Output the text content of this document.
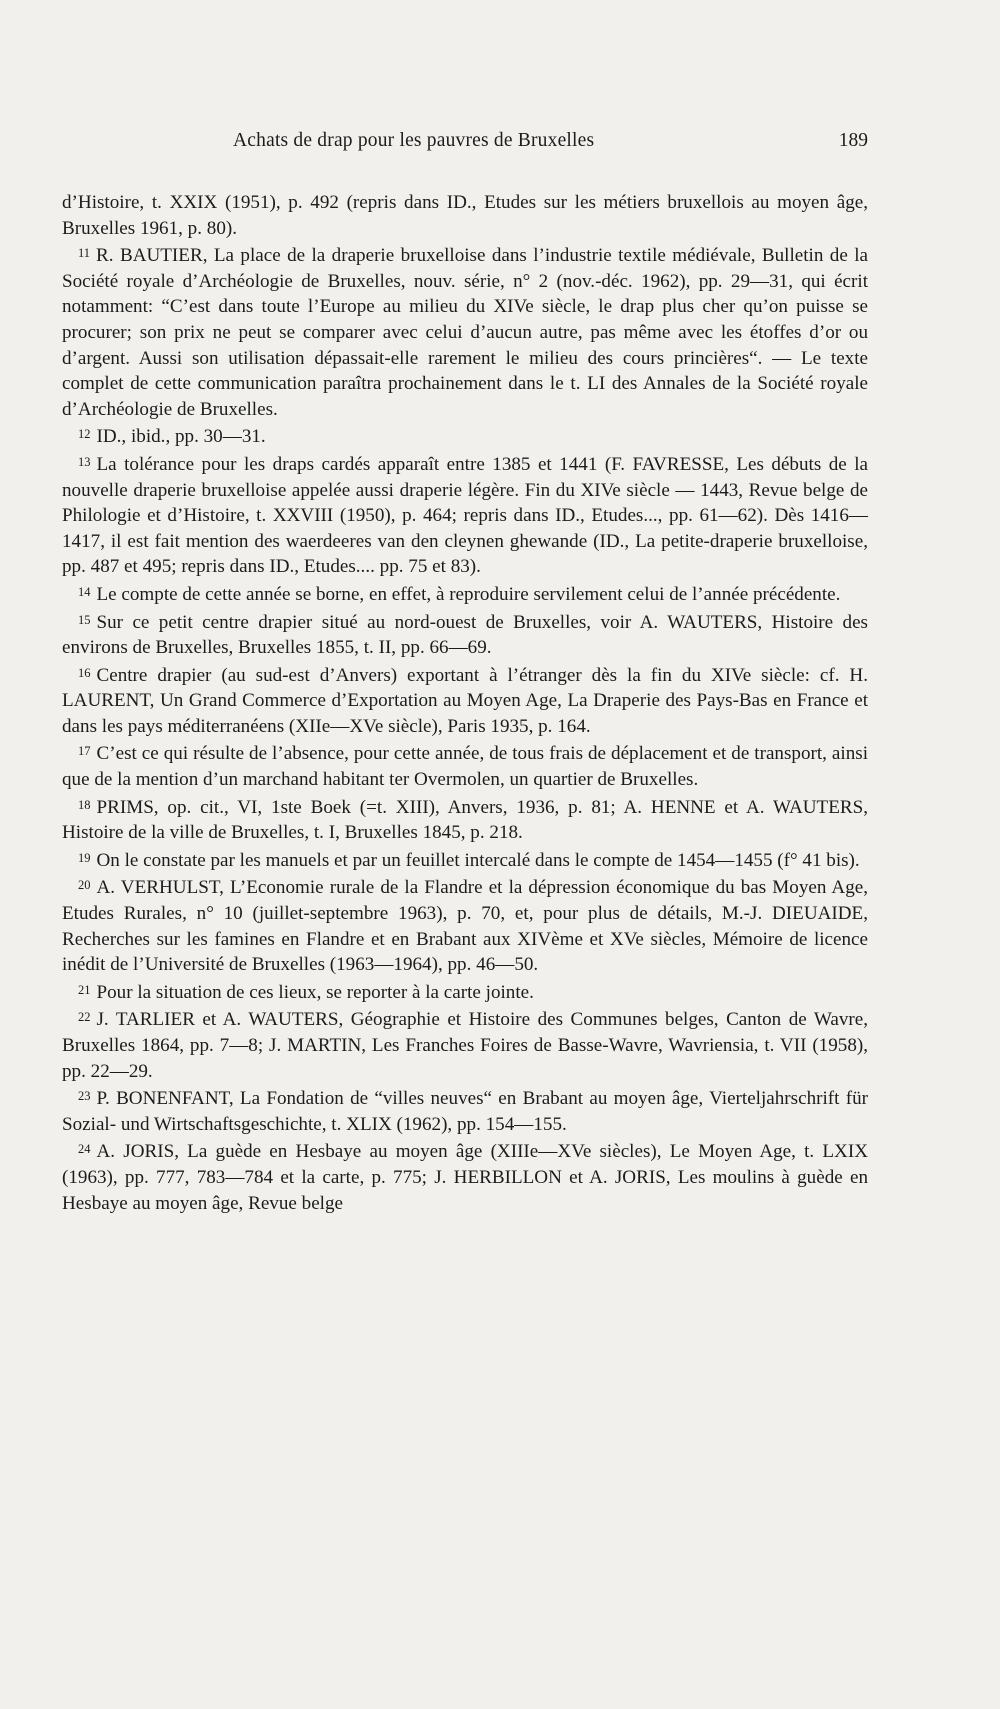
Achats de drap pour les pauvres de Bruxelles	189

d’Histoire, t. XXIX (1951), p. 492 (repris dans ID., Etudes sur les métiers bruxellois au moyen âge, Bruxelles 1961, p. 80).

$^{11}$ R. BAUTIER, La place de la draperie bruxelloise dans l’industrie textile médiévale, Bulletin de la Société royale d’Archéologie de Bruxelles, nouv. série, n° 2 (nov.-déc. 1962), pp. 29—31, qui écrit notamment: “C’est dans toute l’Europe au milieu du XIVe siècle, le drap plus cher qu’on puisse se procurer; son prix ne peut se comparer avec celui d’aucun autre, pas même avec les étoffes d’or ou d’argent. Aussi son utilisation dépassait-elle rarement le milieu des cours princières“. — Le texte complet de cette communication paraîtra prochainement dans le t. LI des Annales de la Société royale d’Archéologie de Bruxelles.

$^{12}$ ID., ibid., pp. 30—31.

$^{13}$ La tolérance pour les draps cardés apparaît entre 1385 et 1441 (F. FAVRESSE, Les débuts de la nouvelle draperie bruxelloise appelée aussi draperie légère. Fin du XIVe siècle — 1443, Revue belge de Philologie et d’Histoire, t. XXVIII (1950), p. 464; repris dans ID., Etudes..., pp. 61—62). Dès 1416—1417, il est fait mention des waerdeeres van den cleynen ghewande (ID., La petite-draperie bruxelloise, pp. 487 et 495; repris dans ID., Etudes.... pp. 75 et 83).

$^{14}$ Le compte de cette année se borne, en effet, à reproduire servilement celui de l’année précédente.

$^{15}$ Sur ce petit centre drapier situé au nord-ouest de Bruxelles, voir A. WAUTERS, Histoire des environs de Bruxelles, Bruxelles 1855, t. II, pp. 66—69.

$^{16}$ Centre drapier (au sud-est d’Anvers) exportant à l’étranger dès la fin du XIVe siècle: cf. H. LAURENT, Un Grand Commerce d’Exportation au Moyen Age, La Draperie des Pays-Bas en France et dans les pays méditerranéens (XIIe—XVe siècle), Paris 1935, p. 164.

$^{17}$ C’est ce qui résulte de l’absence, pour cette année, de tous frais de déplacement et de transport, ainsi que de la mention d’un marchand habitant ter Overmolen, un quartier de Bruxelles.

$^{18}$ PRIMS, op. cit., VI, 1ste Boek (=t. XIII), Anvers, 1936, p. 81; A. HENNE et A. WAUTERS, Histoire de la ville de Bruxelles, t. I, Bruxelles 1845, p. 218.

$^{19}$ On le constate par les manuels et par un feuillet intercalé dans le compte de 1454—1455 (f° 41 bis).

$^{20}$ A. VERHULST, L’Economie rurale de la Flandre et la dépression économique du bas Moyen Age, Etudes Rurales, n° 10 (juillet-septembre 1963), p. 70, et, pour plus de détails, M.-J. DIEUAIDE, Recherches sur les famines en Flandre et en Brabant aux XIVème et XVe siècles, Mémoire de licence inédit de l’Université de Bruxelles (1963—1964), pp. 46—50.

$^{21}$ Pour la situation de ces lieux, se reporter à la carte jointe.

$^{22}$ J. TARLIER et A. WAUTERS, Géographie et Histoire des Communes belges, Canton de Wavre, Bruxelles 1864, pp. 7—8; J. MARTIN, Les Franches Foires de Basse-Wavre, Wavriensia, t. VII (1958), pp. 22—29.

$^{23}$ P. BONENFANT, La Fondation de “villes neuves“ en Brabant au moyen âge, Vierteljahrschrift für Sozial- und Wirtschaftsgeschichte, t. XLIX (1962), pp. 154—155.

$^{24}$ A. JORIS, La guède en Hesbaye au moyen âge (XIIIe—XVe siècles), Le Moyen Age, t. LXIX (1963), pp. 777, 783—784 et la carte, p. 775; J. HERBILLON et A. JORIS, Les moulins à guède en Hesbaye au moyen âge, Revue belge
